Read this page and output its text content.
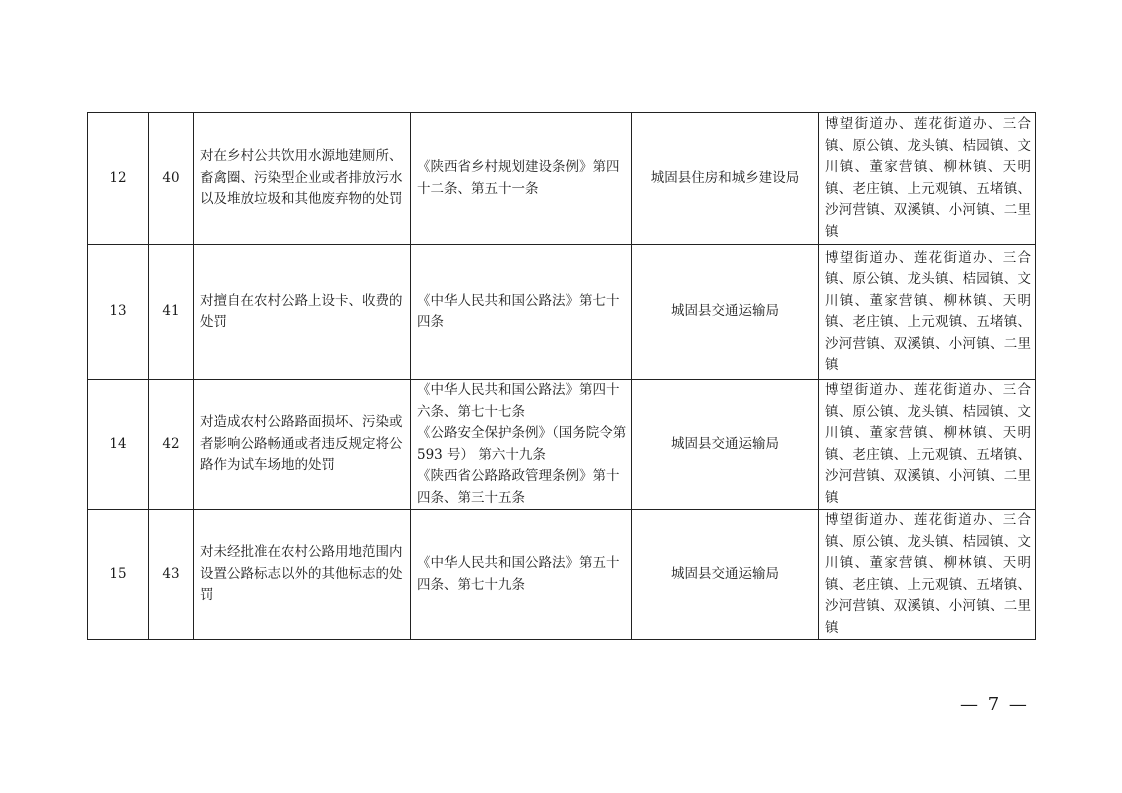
12	40	对在乡村公共饮用水源地建厕所、畜禽圈、污染型企业或者排放污水以及堆放垃圾和其他废弃物的处罚	《陕西省乡村规划建设条例》第四十二条、第五十一条	城固县住房和城乡建设局	博望街道办、莲花街道办、三合镇、原公镇、龙头镇、桔园镇、文川镇、董家营镇、柳林镇、天明镇、老庄镇、上元观镇、五堵镇、沙河营镇、双溪镇、小河镇、二里镇
13	41	对擅自在农村公路上设卡、收费的处罚	《中华人民共和国公路法》第七十四条	城固县交通运输局	博望街道办、莲花街道办、三合镇、原公镇、龙头镇、桔园镇、文川镇、董家营镇、柳林镇、天明镇、老庄镇、上元观镇、五堵镇、沙河营镇、双溪镇、小河镇、二里镇
14	42	对造成农村公路路面损坏、污染或者影响公路畅通或者违反规定将公路作为试车场地的处罚	《中华人民共和国公路法》第四十六条、第七十七条
《公路安全保护条例》（国务院令第 593 号） 第六十九条
《陕西省公路路政管理条例》第十四条、第三十五条	城固县交通运输局	博望街道办、莲花街道办、三合镇、原公镇、龙头镇、桔园镇、文川镇、董家营镇、柳林镇、天明镇、老庄镇、上元观镇、五堵镇、沙河营镇、双溪镇、小河镇、二里镇
15	43	对未经批准在农村公路用地范围内设置公路标志以外的其他标志的处罚	《中华人民共和国公路法》第五十四条、第七十九条	城固县交通运输局	博望街道办、莲花街道办、三合镇、原公镇、龙头镇、桔园镇、文川镇、董家营镇、柳林镇、天明镇、老庄镇、上元观镇、五堵镇、沙河营镇、双溪镇、小河镇、二里镇
— 7 —
